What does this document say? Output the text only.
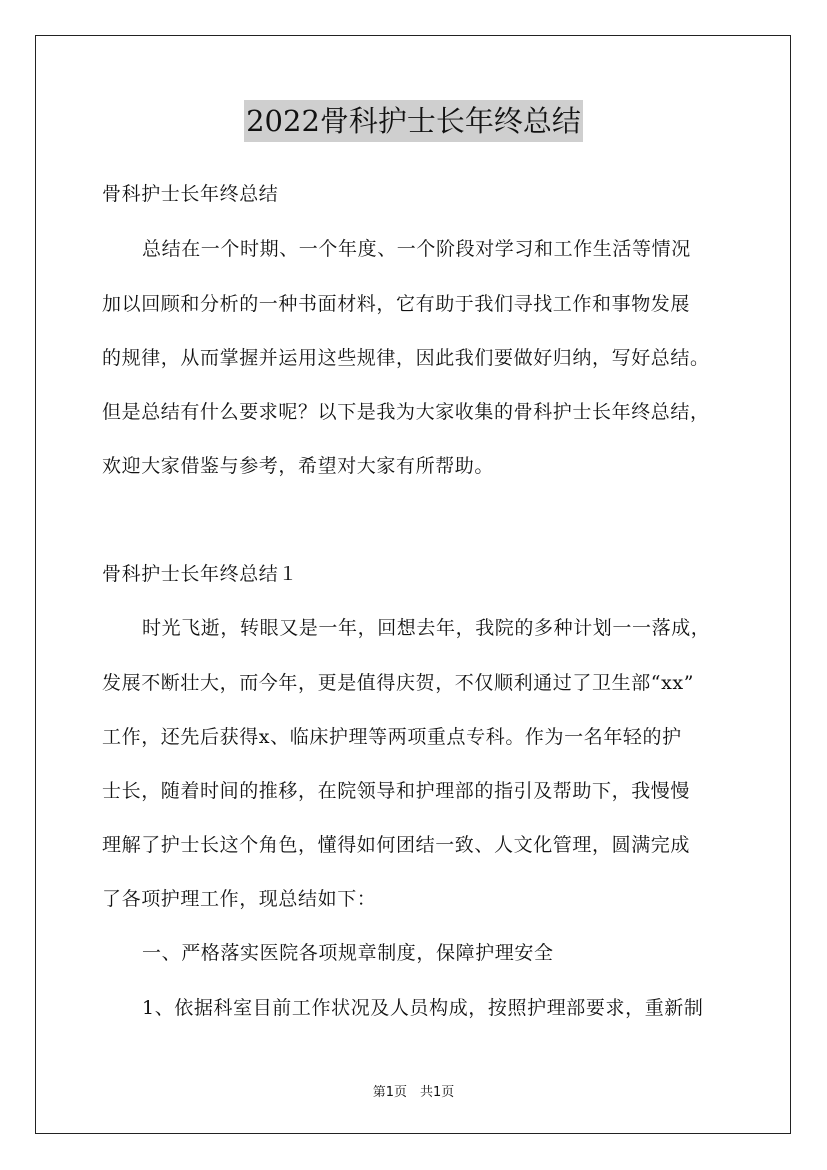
2022骨科护士长年终总结
骨科护士长年终总结
总结在一个时期、一个年度、一个阶段对学习和工作生活等情况
加以回顾和分析的一种书面材料，它有助于我们寻找工作和事物发展
的规律，从而掌握并运用这些规律，因此我们要做好归纳，写好总结。
但是总结有什么要求呢？以下是我为大家收集的骨科护士长年终总结，
欢迎大家借鉴与参考，希望对大家有所帮助。
骨科护士长年终总结１
时光飞逝，转眼又是一年，回想去年，我院的多种计划一一落成，
发展不断壮大，而今年，更是值得庆贺，不仅顺利通过了卫生部“xx”
工作，还先后获得x、临床护理等两项重点专科。作为一名年轻的护
士长，随着时间的推移，在院领导和护理部的指引及帮助下，我慢慢
理解了护士长这个角色，懂得如何团结一致、人文化管理，圆满完成
了各项护理工作，现总结如下：
一、严格落实医院各项规章制度，保障护理安全
1、依据科室目前工作状况及人员构成，按照护理部要求，重新制
第1页　共1页
